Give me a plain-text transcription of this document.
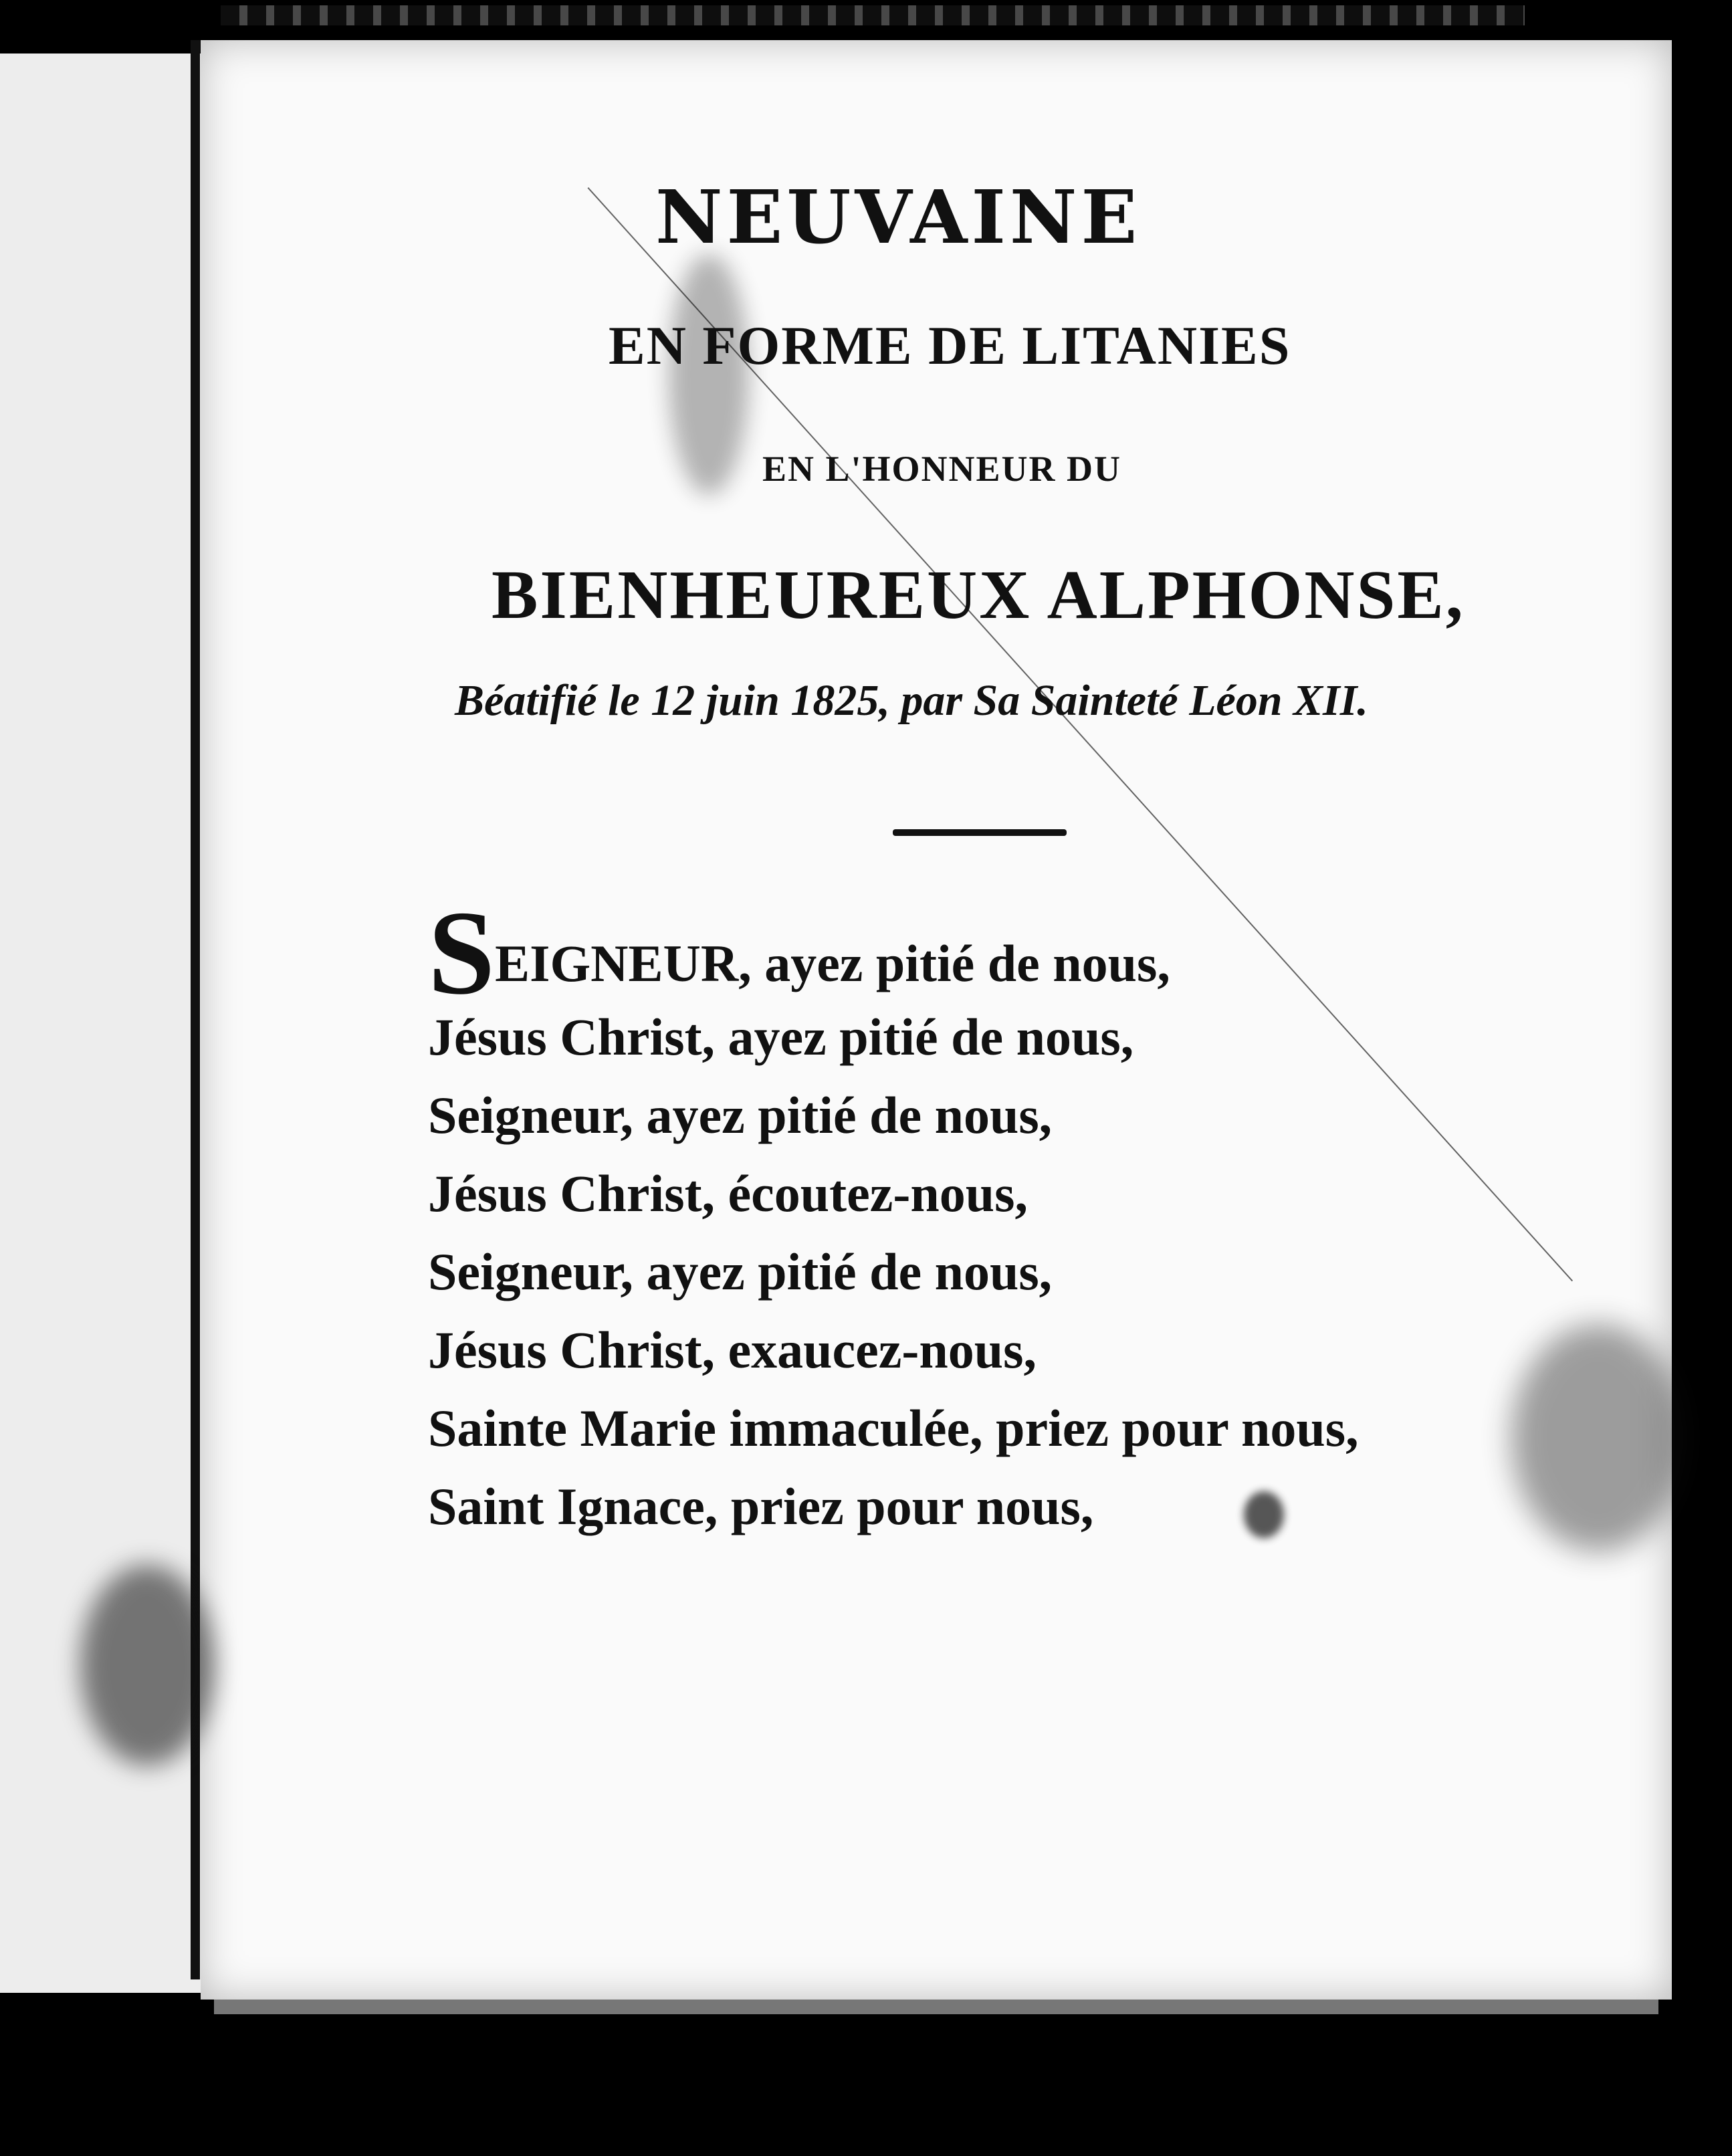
NEUVAINE
EN FORME DE LITANIES
EN L'HONNEUR DU
BIENHEUREUX ALPHONSE,
Béatifié le 12 juin 1825, par Sa Sainteté Léon XII.
SEIGNEUR, ayez pitié de nous,
Jésus Christ, ayez pitié de nous,
Seigneur, ayez pitié de nous,
Jésus Christ, écoutez-nous,
Seigneur, ayez pitié de nous,
Jésus Christ, exaucez-nous,
Sainte Marie immaculée, priez pour nous,
Saint Ignace, priez pour nous,
